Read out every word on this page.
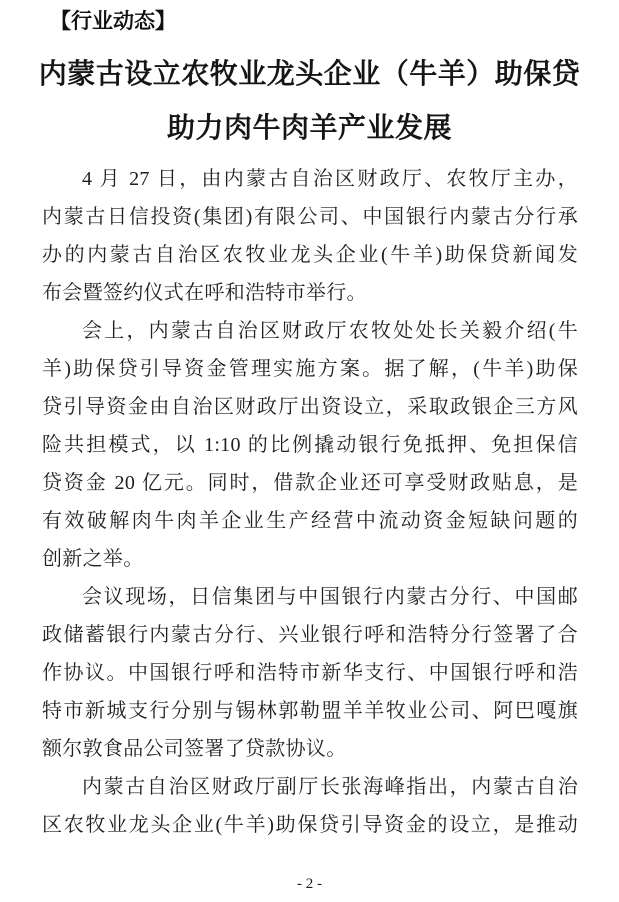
【行业动态】
内蒙古设立农牧业龙头企业（牛羊）助保贷
助力肉牛肉羊产业发展
4 月 27 日，由内蒙古自治区财政厅、农牧厅主办，
内蒙古日信投资(集团)有限公司、中国银行内蒙古分行承
办的内蒙古自治区农牧业龙头企业(牛羊)助保贷新闻发
布会暨签约仪式在呼和浩特市举行。
会上，内蒙古自治区财政厅农牧处处长关毅介绍(牛
羊)助保贷引导资金管理实施方案。据了解，(牛羊)助保
贷引导资金由自治区财政厅出资设立，采取政银企三方风
险共担模式，以 1:10 的比例撬动银行免抵押、免担保信
贷资金 20 亿元。同时，借款企业还可享受财政贴息，是
有效破解肉牛肉羊企业生产经营中流动资金短缺问题的
创新之举。
会议现场，日信集团与中国银行内蒙古分行、中国邮
政储蓄银行内蒙古分行、兴业银行呼和浩特分行签署了合
作协议。中国银行呼和浩特市新华支行、中国银行呼和浩
特市新城支行分别与锡林郭勒盟羊羊牧业公司、阿巴嘎旗
额尔敦食品公司签署了贷款协议。
内蒙古自治区财政厅副厅长张海峰指出，内蒙古自治
区农牧业龙头企业(牛羊)助保贷引导资金的设立，是推动
- 2 -
